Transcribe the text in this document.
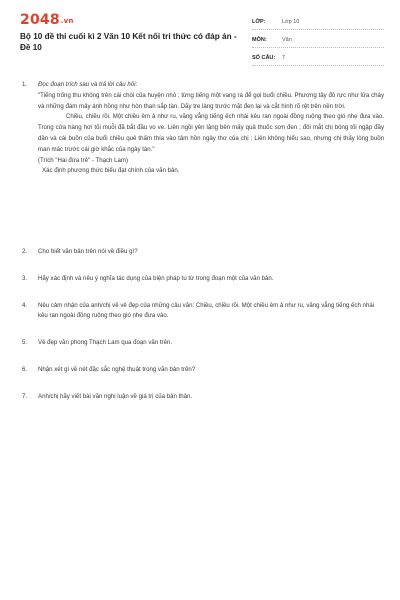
2048.vn
Bộ 10 đề thi cuối kì 2 Văn 10 Kết nối tri thức có đáp án - Đề 10
LỚP:	Lớp 10
MÔN:	Văn
SỐ CÂU:	7
1.	Đọc đoạn trích sau và trả lời câu hỏi:

"Tiếng trống thu không trên cái chòi của huyện nhỏ ; từng tiếng một vang ra để gọi buổi chiều. Phương tây đỏ rực như lửa cháy và những đám mây ánh hồng như hòn than sắp tàn. Dãy tre làng trước mặt đen lại và cắt hình rõ rệt trên nền trời.

Chiều, chiều rồi. Một chiều êm ả như ru, văng vẳng tiếng ếch nhái kêu ran ngoài đồng ruộng theo gió nhẹ đưa vào. Trong cửa hàng hơi tối muỗi đã bắt đầu vo ve. Liên ngồi yên lặng bên mấy quả thuốc sơn đen ; đôi mắt chị bóng tối ngập đầy dần và cái buồn của buổi chiều quê thấm thía vào tâm hồn ngây thơ của chị ; Liên không hiểu sao, nhưng chị thấy lòng buồn man mác trước cái giờ khắc của ngày tàn."

(Trích "Hai đứa trẻ" - Thạch Lam)

Xác định phương thức biểu đạt chính của văn bản.

2.	Cho biết văn bản trên nói về điều gì?

3.	Hãy xác định và nêu ý nghĩa tác dụng của biện pháp tu từ trong đoạn một của văn bản.

4.	Nêu cảm nhận của anh/chị về vẻ đẹp của những câu văn: Chiều, chiều rồi. Một chiều êm ả như ru, văng vẳng tiếng ếch nhái kêu ran ngoài đồng ruộng theo gió nhẹ đưa vào.

5.	Vẻ đẹp văn phong Thạch Lam qua đoạn văn trên.

6.	Nhận xét gì về nét đặc sắc nghệ thuật trong văn bản trên?

7.	Anh/chị hãy viết bài văn nghị luận về giá trị của bản thân.
